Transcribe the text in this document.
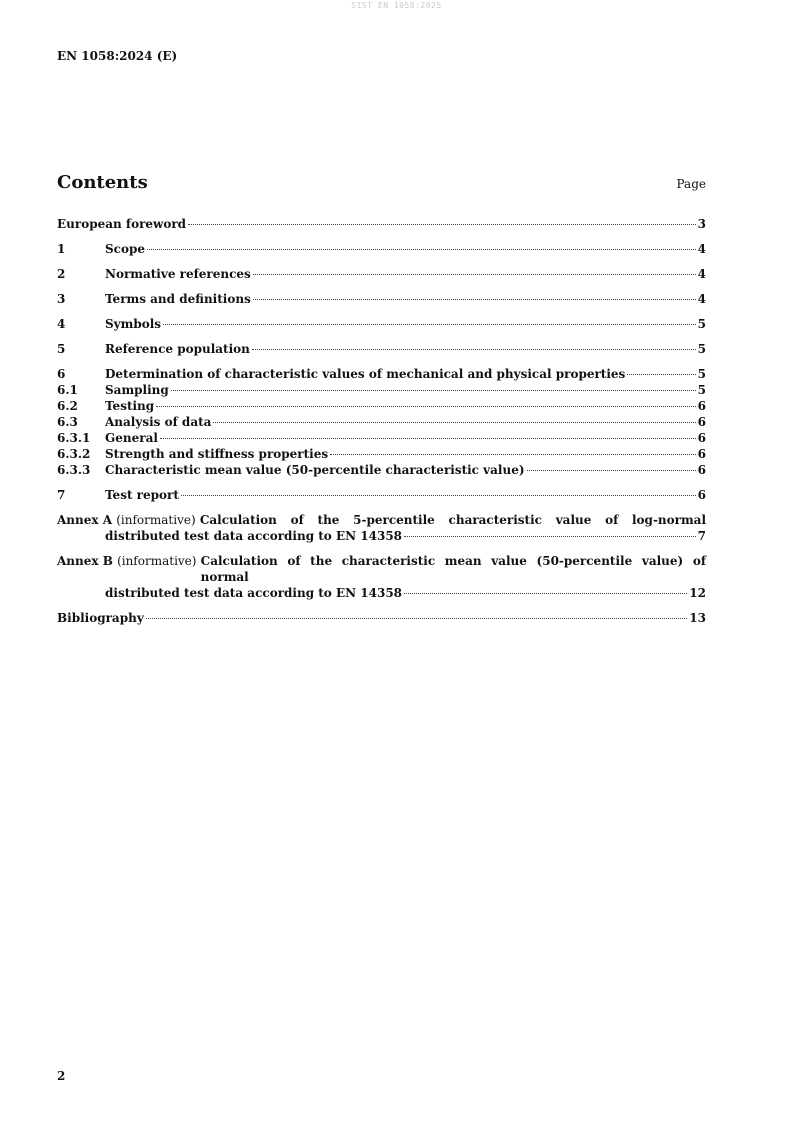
SIST EN 1058:2025
EN 1058:2024 (E)
Contents	Page
European foreword	3
1	Scope	4
2	Normative references	4
3	Terms and definitions	4
4	Symbols	5
5	Reference population	5
6	Determination of characteristic values of mechanical and physical properties	5
6.1	Sampling	5
6.2	Testing	6
6.3	Analysis of data	6
6.3.1	General	6
6.3.2	Strength and stiffness properties	6
6.3.3	Characteristic mean value (50-percentile characteristic value)	6
7	Test report	6
Annex A (informative) Calculation of the 5-percentile characteristic value of log-normal
distributed test data according to EN 14358	7
Annex B (informative) Calculation of the characteristic mean value (50-percentile value) of normal
distributed test data according to EN 14358	12
Bibliography	13
2
